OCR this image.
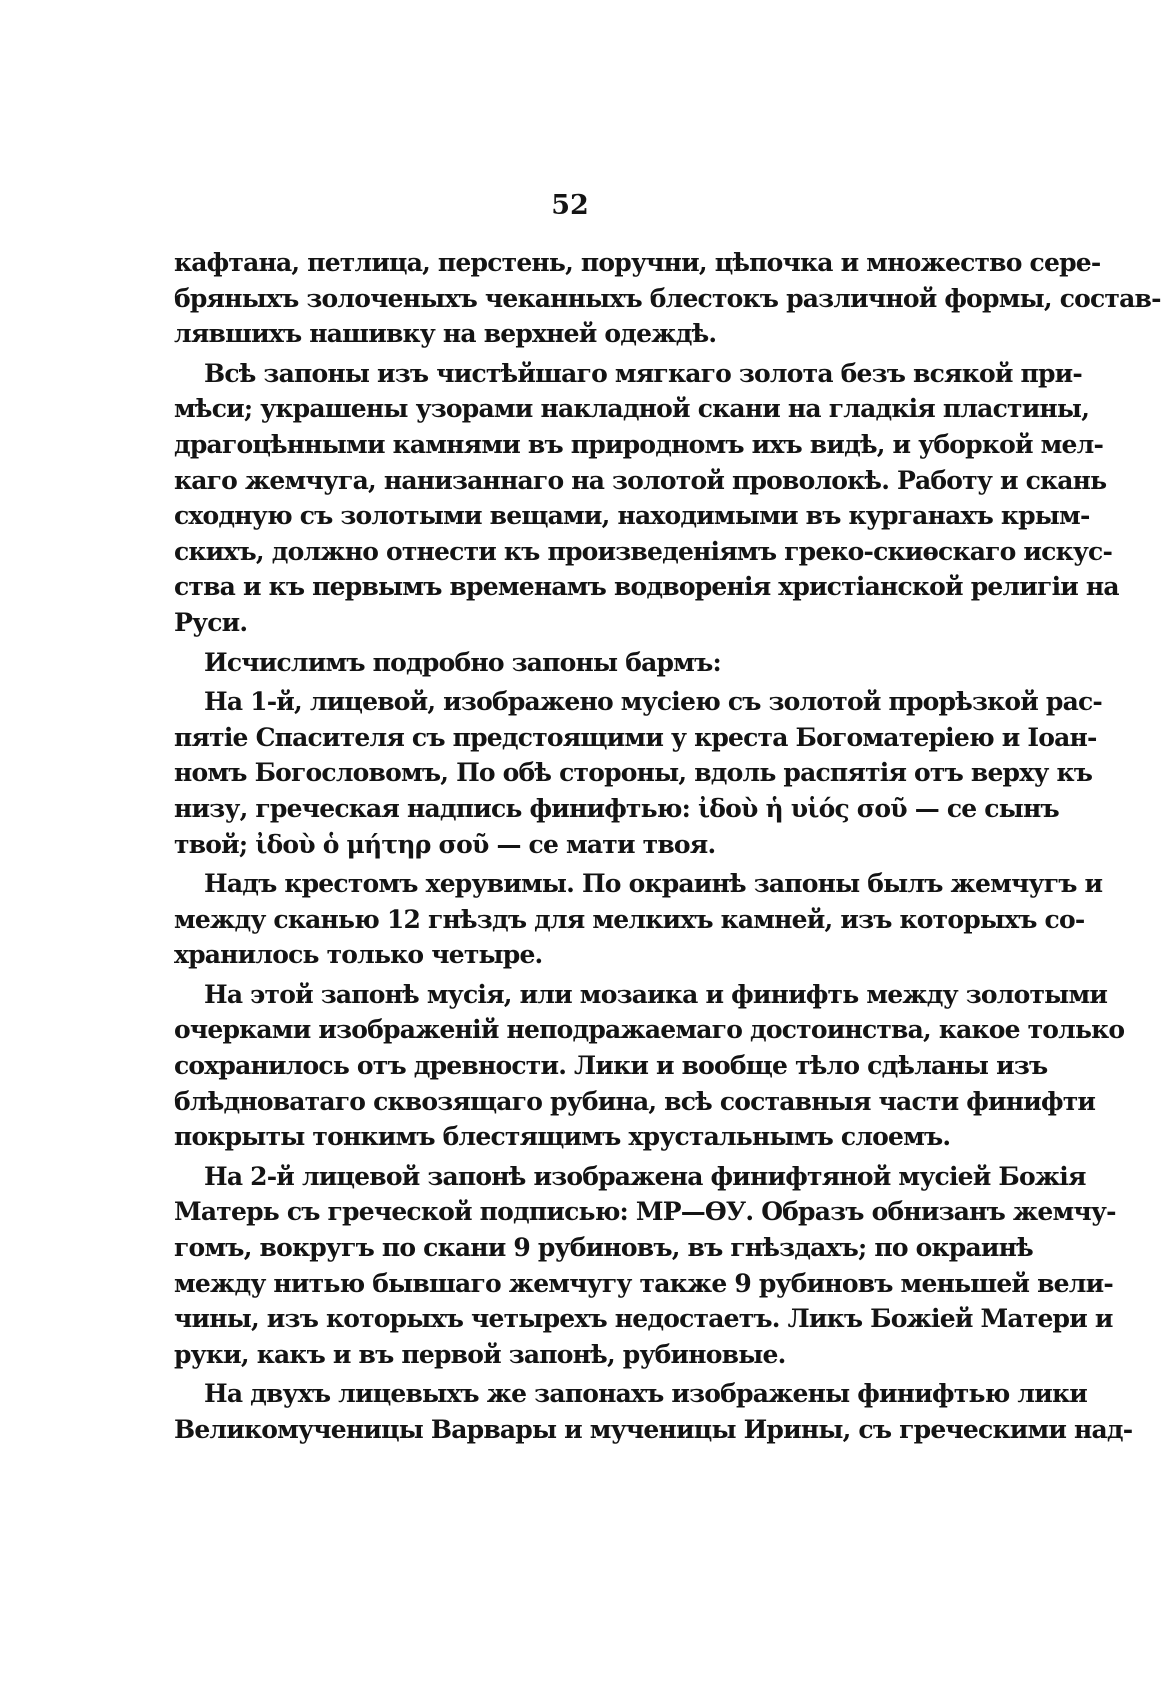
52
кафтана, петлица, перстень, поручни, цѣпочка и множество сере-
бряныхъ золоченыхъ чеканныхъ блестокъ различной формы, состав-
лявшихъ нашивку на верхней одеждѣ.
Всѣ запоны изъ чистѣйшаго мягкаго золота безъ всякой при-
мѣси; украшены узорами накладной скани на гладкія пластины,
драгоцѣнными камнями въ природномъ ихъ видѣ, и уборкой мел-
каго жемчуга, нанизаннаго на золотой проволокѣ. Работу и скань
сходную съ золотыми вещами, находимыми въ курганахъ крым-
скихъ, должно отнести къ произведеніямъ греко-скиѳскаго искус-
ства и къ первымъ временамъ водворенія христіанской религіи на
Руси.
Исчислимъ подробно запоны бармъ:
На 1-й, лицевой, изображено мусіею съ золотой прорѣзкой рас-
пятіе Спасителя съ предстоящими у креста Богоматеріею и Іоан-
номъ Богословомъ, По обѣ стороны, вдоль распятія отъ верху къ
низу, греческая надпись финифтью: ἰδοὺ ἡ υἱός σοῦ — се сынъ
твой; ἰδοὺ ὁ μήτηρ σοῦ — се мати твоя.
Надъ крестомъ херувимы. По окраинѣ запоны былъ жемчугъ и
между сканью 12 гнѣздъ для мелкихъ камней, изъ которыхъ со-
хранилось только четыре.
На этой запонѣ мусія, или мозаика и финифть между золотыми
очерками изображеній неподражаемаго достоинства, какое только
сохранилось отъ древности. Лики и вообще тѣло сдѣланы изъ
блѣдноватаго сквозящаго рубина, всѣ составныя части финифти
покрыты тонкимъ блестящимъ хрустальнымъ слоемъ.
На 2-й лицевой запонѣ изображена финифтяной мусіей Божія
Матерь съ греческой подписью: МР—ѲУ. Образъ обнизанъ жемчу-
гомъ, вокругъ по скани 9 рубиновъ, въ гнѣздахъ; по окраинѣ
между нитью бывшаго жемчугу также 9 рубиновъ меньшей вели-
чины, изъ которыхъ четырехъ недостаетъ. Ликъ Божіей Матери и
руки, какъ и въ первой запонѣ, рубиновые.
На двухъ лицевыхъ же запонахъ изображены финифтью лики
Великомученицы Варвары и мученицы Ирины, съ греческими над-
